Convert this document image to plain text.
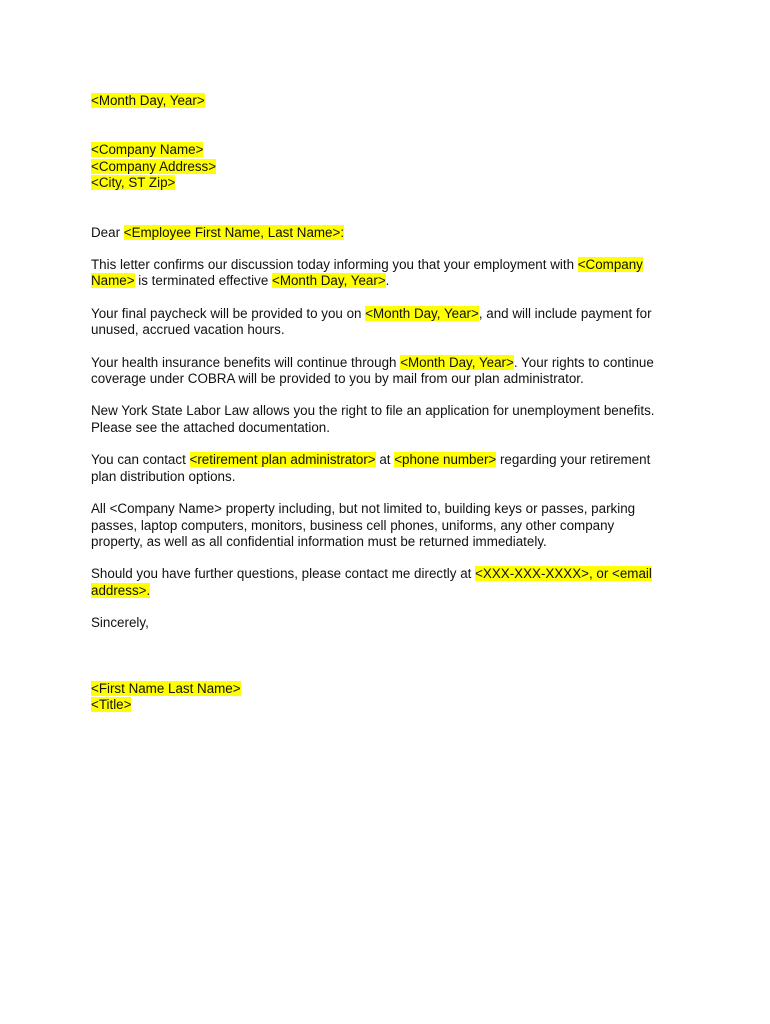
<Month Day, Year>
<Company Name>
<Company Address>
<City, ST Zip>
Dear <Employee First Name, Last Name>:
This letter confirms our discussion today informing you that your employment with <Company
Name> is terminated effective <Month Day, Year>.
Your final paycheck will be provided to you on <Month Day, Year>, and will include payment for
unused, accrued vacation hours.
Your health insurance benefits will continue through <Month Day, Year>. Your rights to continue
coverage under COBRA will be provided to you by mail from our plan administrator.
New York State Labor Law allows you the right to file an application for unemployment benefits.
Please see the attached documentation.
You can contact <retirement plan administrator> at <phone number> regarding your retirement
plan distribution options.
All <Company Name> property including, but not limited to, building keys or passes, parking
passes, laptop computers, monitors, business cell phones, uniforms, any other company
property, as well as all confidential information must be returned immediately.
Should you have further questions, please contact me directly at <XXX-XXX-XXXX>, or <email
address>.
Sincerely,
<First Name Last Name>
<Title>
